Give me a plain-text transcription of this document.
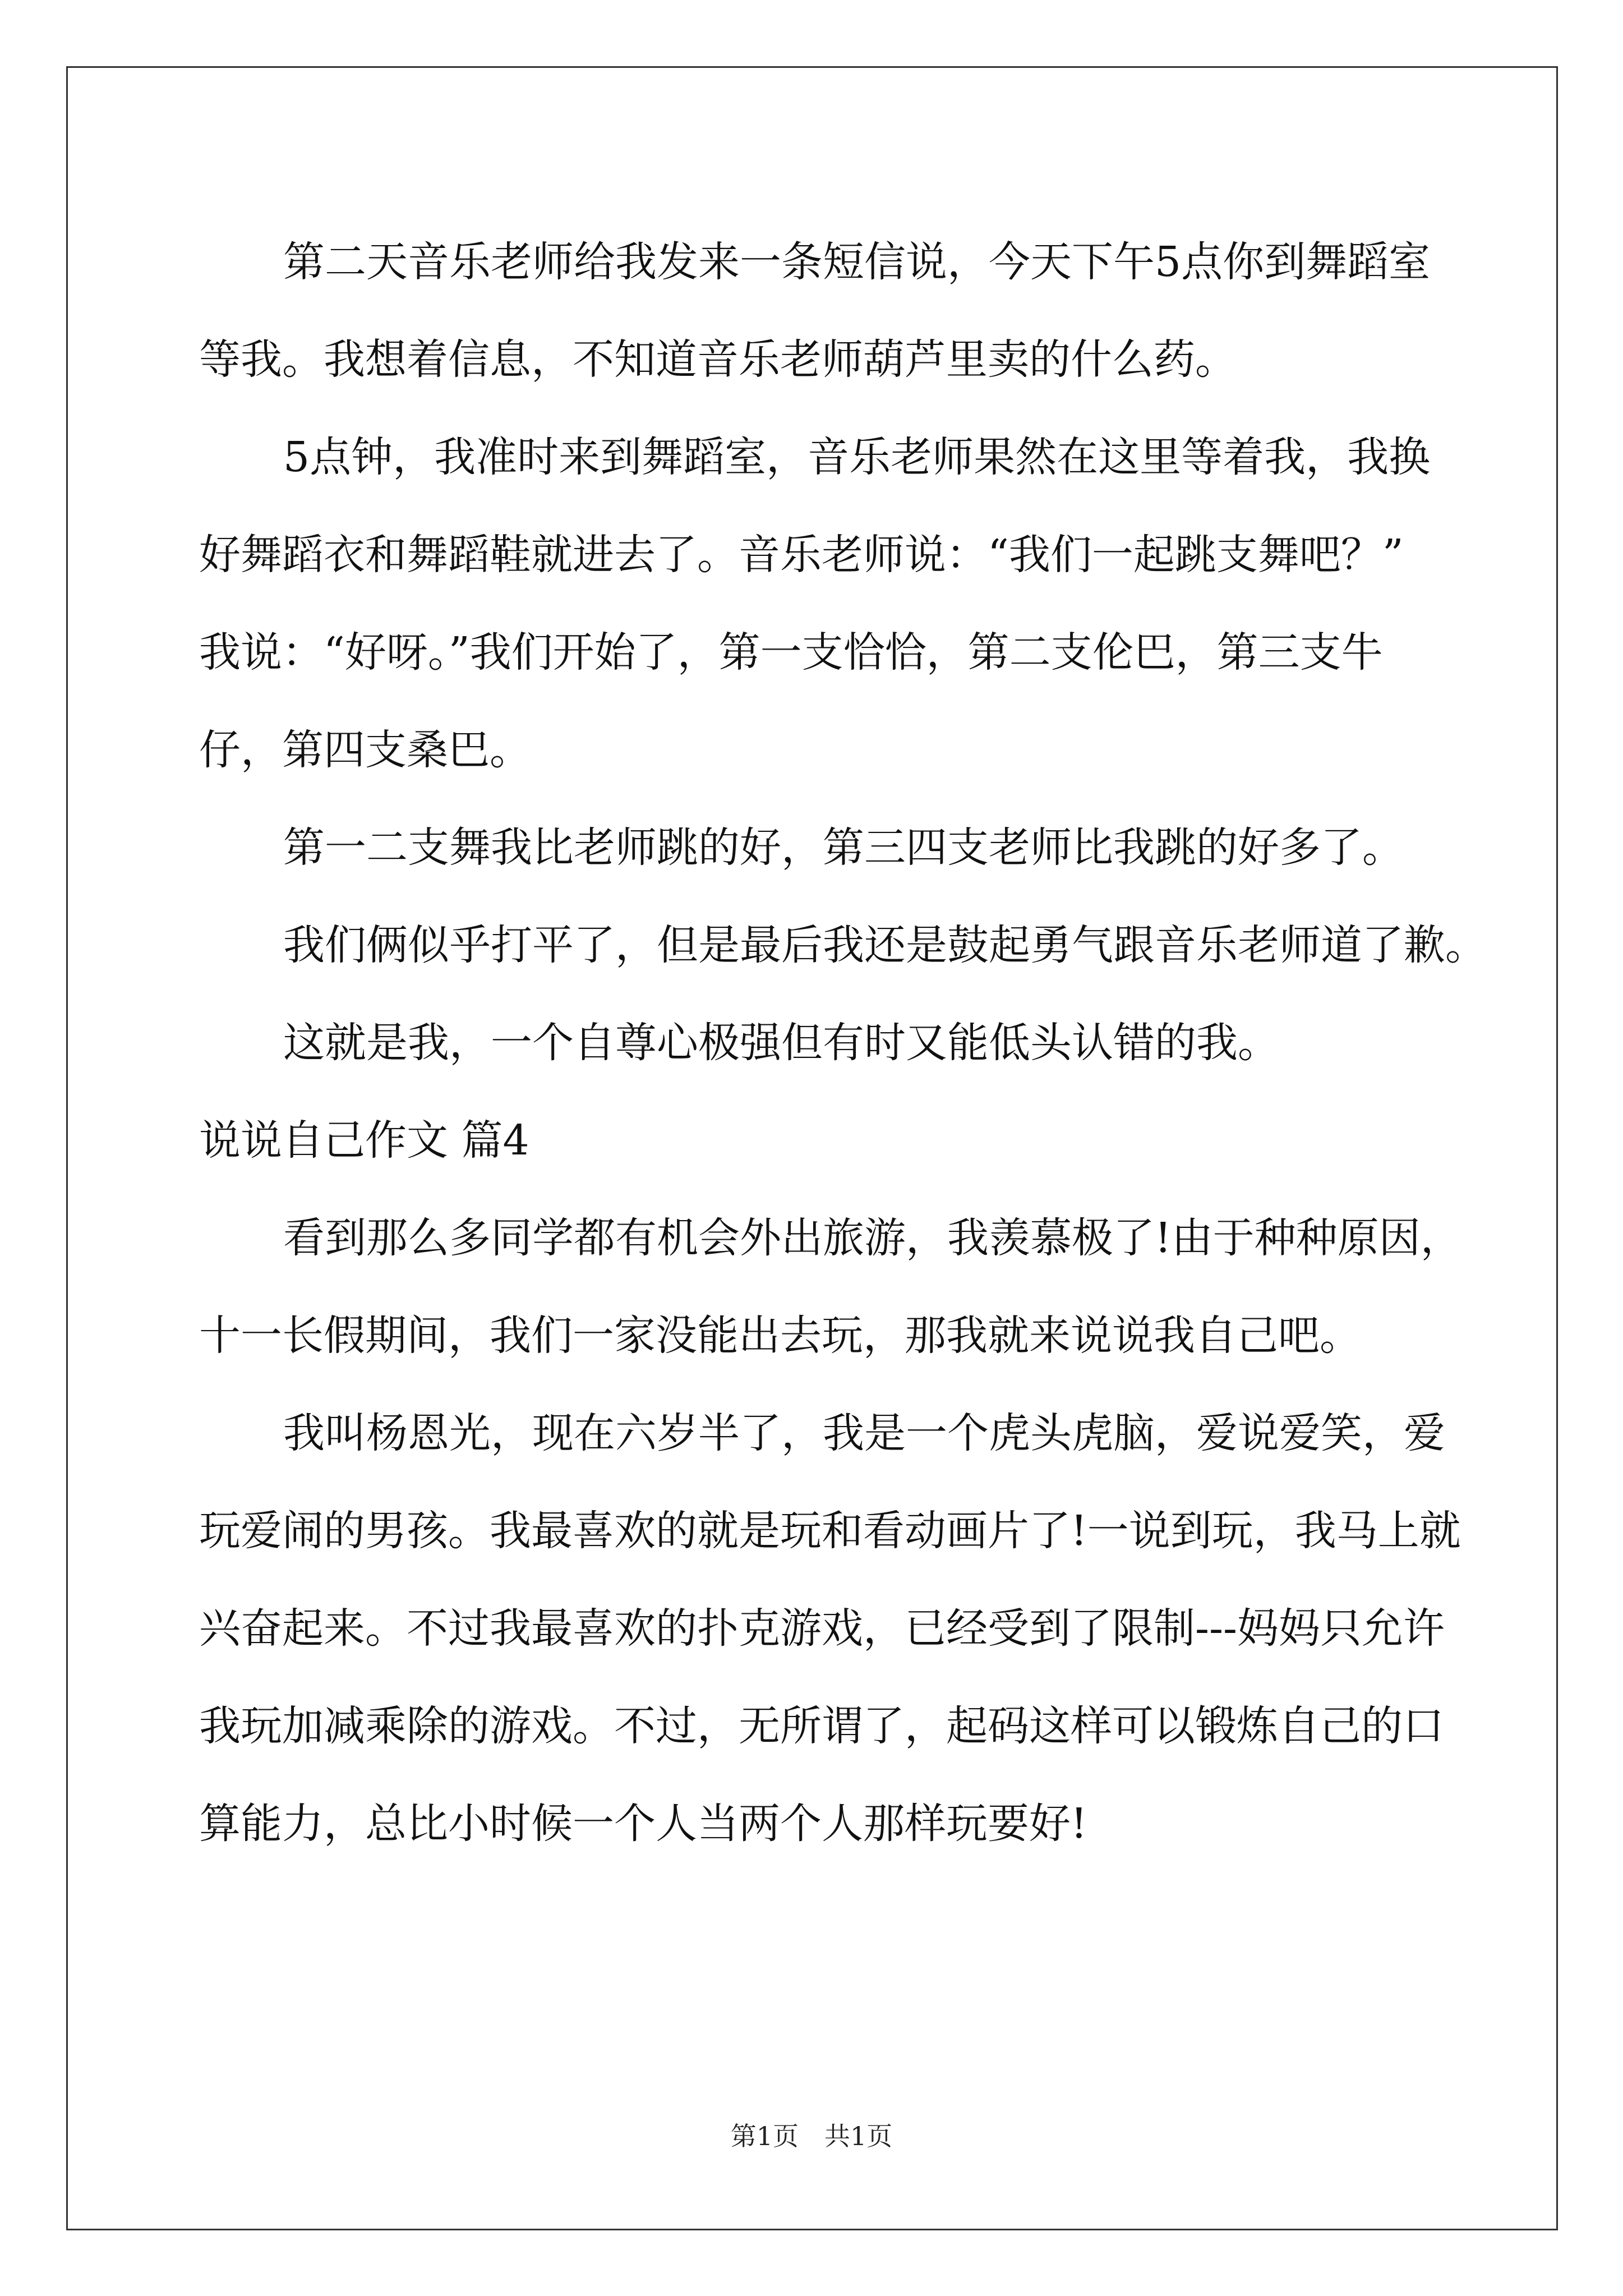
第二天音乐老师给我发来一条短信说，今天下午5点你到舞蹈室
等我。我想着信息，不知道音乐老师葫芦里卖的什么药。
5点钟，我准时来到舞蹈室，音乐老师果然在这里等着我，我换
好舞蹈衣和舞蹈鞋就进去了。音乐老师说：“我们一起跳支舞吧？”
我说：“好呀。”我们开始了，第一支恰恰，第二支伦巴，第三支牛
仔，第四支桑巴。
第一二支舞我比老师跳的好，第三四支老师比我跳的好多了。
我们俩似乎打平了，但是最后我还是鼓起勇气跟音乐老师道了歉。
这就是我，一个自尊心极强但有时又能低头认错的我。
说说自己作文 篇4
看到那么多同学都有机会外出旅游，我羡慕极了!由于种种原因，
十一长假期间，我们一家没能出去玩，那我就来说说我自己吧。
我叫杨恩光，现在六岁半了，我是一个虎头虎脑，爱说爱笑，爱
玩爱闹的男孩。我最喜欢的就是玩和看动画片了!一说到玩，我马上就
兴奋起来。不过我最喜欢的扑克游戏，已经受到了限制---妈妈只允许
我玩加减乘除的游戏。不过，无所谓了，起码这样可以锻炼自己的口
算能力，总比小时候一个人当两个人那样玩要好!
第1页　共1页
